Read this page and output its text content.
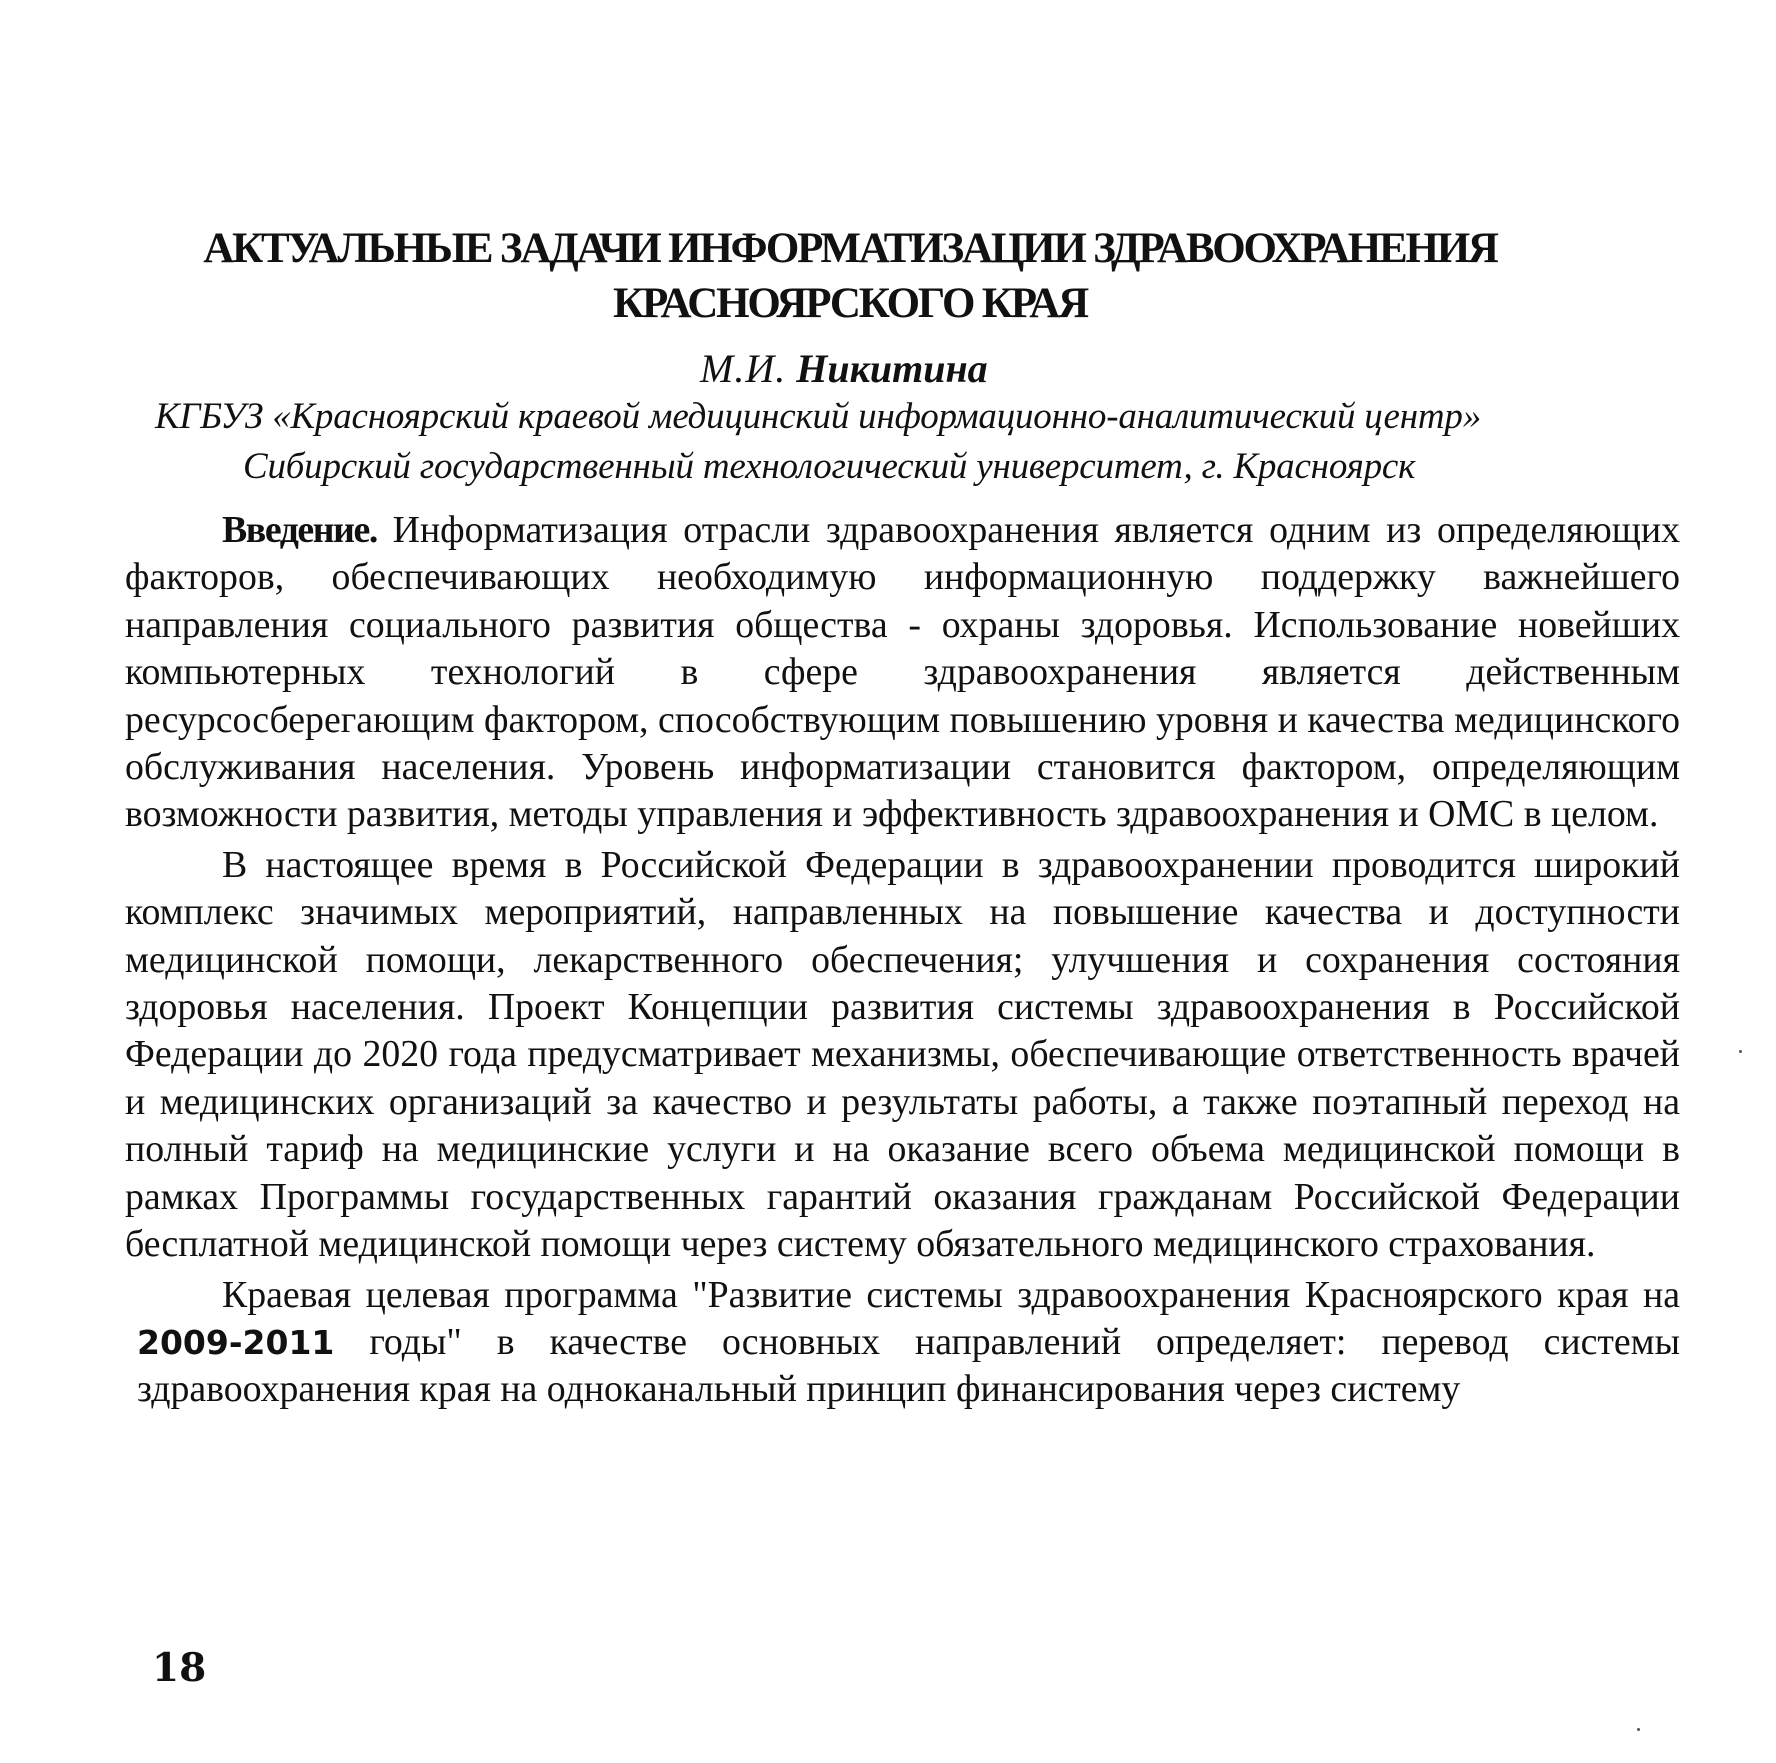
АКТУАЛЬНЫЕ ЗАДАЧИ ИНФОРМАТИЗАЦИИ ЗДРАВООХРАНЕНИЯ
КРАСНОЯРСКОГО КРАЯ
М.И. Никитина
КГБУЗ «Красноярский краевой медицинский информационно-аналитический центр»
Сибирский государственный технологический университет, г. Красноярск

Введение. Информатизация отрасли здравоохранения является одним из определяющих факторов, обеспечивающих необходимую информационную поддержку важнейшего направления социального развития общества - охраны здоровья. Использование новейших компьютерных технологий в сфере здравоохранения является действенным ресурсосберегающим фактором, способствующим повышению уровня и качества медицинского обслуживания населения. Уровень информатизации становится фактором, определяющим возможности развития, методы управления и эффективность здравоохранения и ОМС в целом.

В настоящее время в Российской Федерации в здравоохранении проводится широкий комплекс значимых мероприятий, направленных на повышение качества и доступности медицинской помощи, лекарственного обеспечения; улучшения и сохранения состояния здоровья населения. Проект Концепции развития системы здравоохранения в Российской Федерации до 2020 года предусматривает механизмы, обеспечивающие ответственность врачей и медицинских организаций за качество и результаты работы, а также поэтапный переход на полный тариф на медицинские услуги и на оказание всего объема медицинской помощи в рамках Программы государственных гарантий оказания гражданам Российской Федерации бесплатной медицинской помощи через систему обязательного медицинского страхования.

Краевая целевая программа "Развитие системы здравоохранения Красноярского края на 2009-2011 годы" в качестве основных направлений определяет: перевод системы здравоохранения края на одноканальный принцип финансирования через систему

18
